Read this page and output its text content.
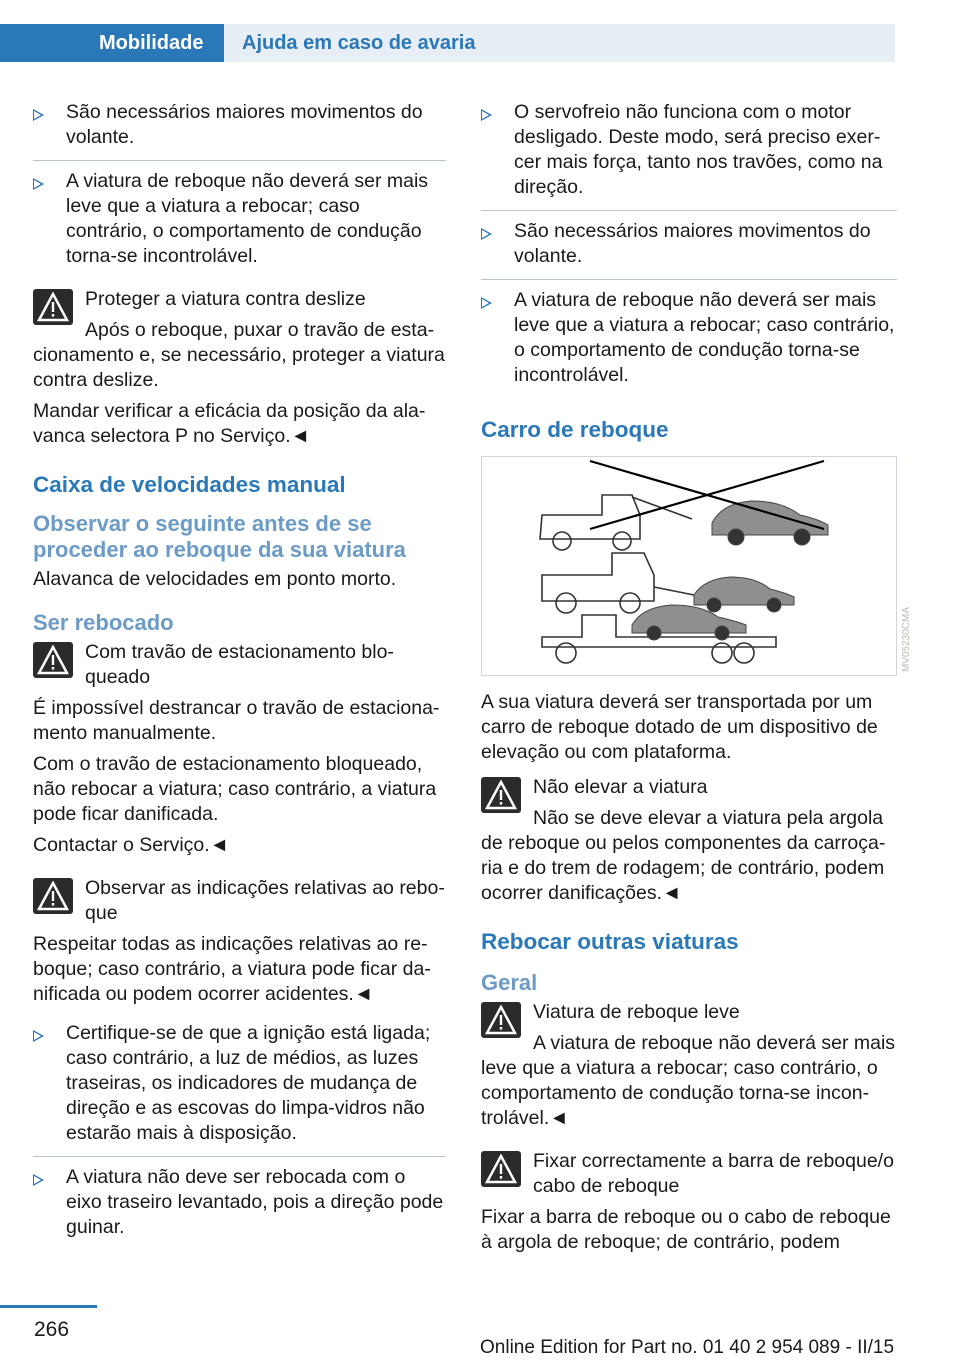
Mobilidade	Ajuda em caso de avaria
São necessários maiores movimentos do volante.
A viatura de reboque não deverá ser mais leve que a viatura a rebocar; caso contrário, o comportamento de condução torna-se incontrolável.
Proteger a viatura contra deslize
Após o reboque, puxar o travão de estacionamento e, se necessário, proteger a viatura contra deslize.

Mandar verificar a eficácia da posição da alavanca selectora P no Serviço.◄

Caixa de velocidades manual
Observar o seguinte antes de se proceder ao reboque da sua viatura

Alavanca de velocidades em ponto morto.

Ser rebocado
Com travão de estacionamento bloqueado
É impossível destrancar o travão de estacionamento manualmente.

Com o travão de estacionamento bloqueado, não rebocar a viatura; caso contrário, a viatura pode ficar danificada.

Contactar o Serviço.◄

Observar as indicações relativas ao reboque
Respeitar todas as indicações relativas ao reboque; caso contrário, a viatura pode ficar danificada ou podem ocorrer acidentes.◄
Certifique-se de que a ignição está ligada; caso contrário, a luz de médios, as luzes traseiras, os indicadores de mudança de direção e as escovas do limpa-vidros não estarão mais à disposição.
A viatura não deve ser rebocada com o eixo traseiro levantado, pois a direção pode guinar.
O servofreio não funciona com o motor desligado. Deste modo, será preciso exercer mais força, tanto nos travões, como na direção.
São necessários maiores movimentos do volante.
A viatura de reboque não deverá ser mais leve que a viatura a rebocar; caso contrário, o comportamento de condução torna-se incontrolável.
Carro de reboque
MV05230CMA

A sua viatura deverá ser transportada por um carro de reboque dotado de um dispositivo de elevação ou com plataforma.

Não elevar a viatura
Não se deve elevar a viatura pela argola de reboque ou pelos componentes da carroçaria e do trem de rodagem; de contrário, podem ocorrer danificações.◄
Rebocar outras viaturas
Geral
Viatura de reboque leve
A viatura de reboque não deverá ser mais leve que a viatura a rebocar; caso contrário, o comportamento de condução torna-se incontrolável.◄
Fixar correctamente a barra de reboque/o cabo de reboque
Fixar a barra de reboque ou o cabo de reboque à argola de reboque; de contrário, podem
266
Online Edition for Part no. 01 40 2 954 089 - II/15
